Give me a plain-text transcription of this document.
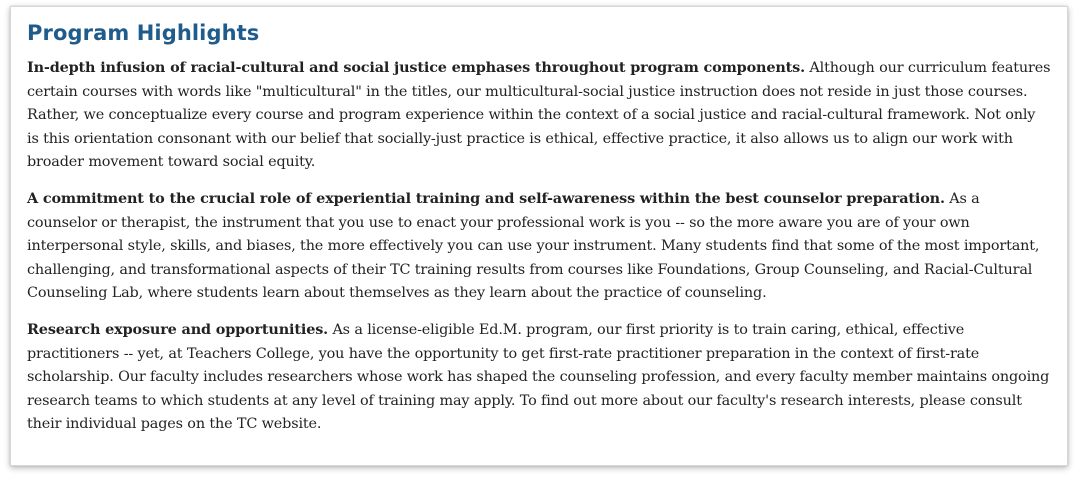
Program Highlights

In-depth infusion of racial-cultural and social justice emphases throughout program components. Although our curriculum features certain courses with words like "multicultural" in the titles, our multicultural-social justice instruction does not reside in just those courses. Rather, we conceptualize every course and program experience within the context of a social justice and racial-cultural framework. Not only is this orientation consonant with our belief that socially-just practice is ethical, effective practice, it also allows us to align our work with broader movement toward social equity.

A commitment to the crucial role of experiential training and self-awareness within the best counselor preparation. As a counselor or therapist, the instrument that you use to enact your professional work is you -- so the more aware you are of your own interpersonal style, skills, and biases, the more effectively you can use your instrument. Many students find that some of the most important, challenging, and transformational aspects of their TC training results from courses like Foundations, Group Counseling, and Racial-Cultural Counseling Lab, where students learn about themselves as they learn about the practice of counseling.

Research exposure and opportunities. As a license-eligible Ed.M. program, our first priority is to train caring, ethical, effective practitioners -- yet, at Teachers College, you have the opportunity to get first-rate practitioner preparation in the context of first-rate scholarship. Our faculty includes researchers whose work has shaped the counseling profession, and every faculty member maintains ongoing research teams to which students at any level of training may apply. To find out more about our faculty's research interests, please consult their individual pages on the TC website.
